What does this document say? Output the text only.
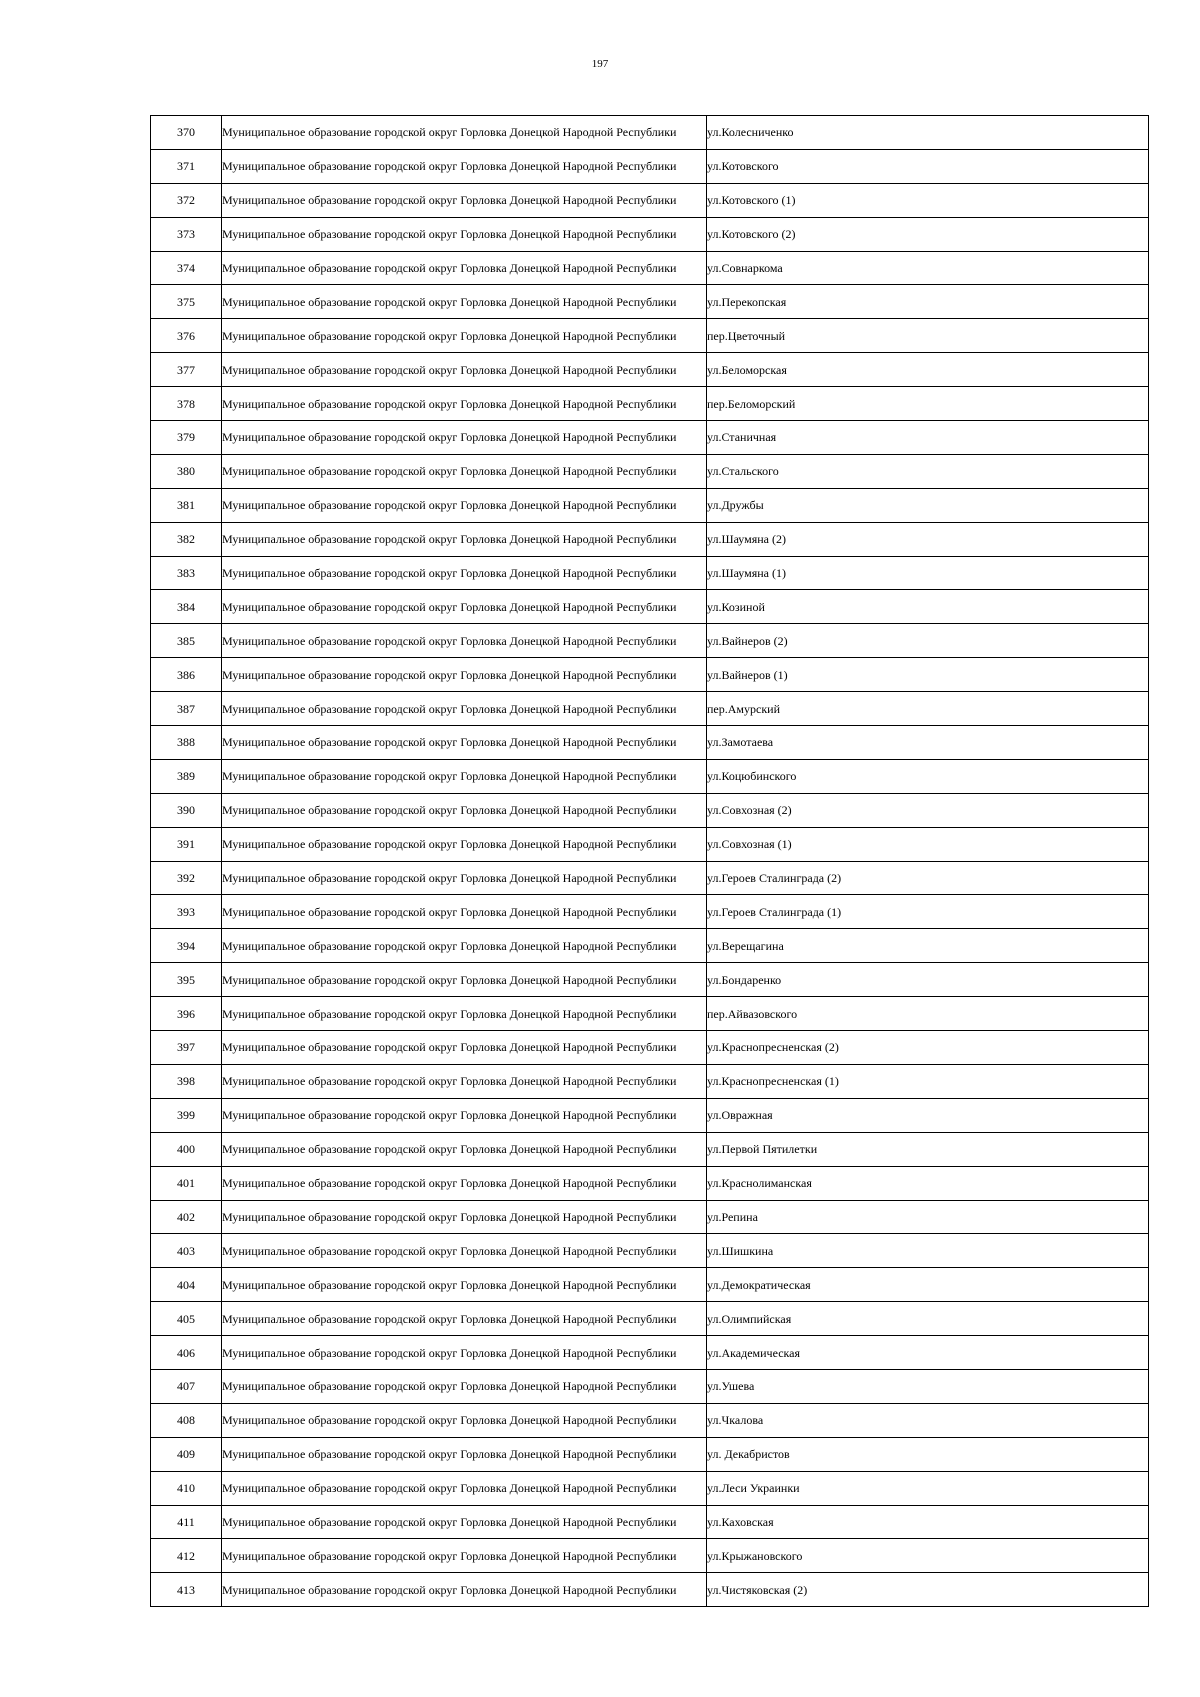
197
370	Муниципальное образование городской округ Горловка Донецкой Народной Республики	ул.Колесниченко
371	Муниципальное образование городской округ Горловка Донецкой Народной Республики	ул.Котовского
372	Муниципальное образование городской округ Горловка Донецкой Народной Республики	ул.Котовского (1)
373	Муниципальное образование городской округ Горловка Донецкой Народной Республики	ул.Котовского (2)
374	Муниципальное образование городской округ Горловка Донецкой Народной Республики	ул.Совнаркома
375	Муниципальное образование городской округ Горловка Донецкой Народной Республики	ул.Перекопская
376	Муниципальное образование городской округ Горловка Донецкой Народной Республики	пер.Цветочный
377	Муниципальное образование городской округ Горловка Донецкой Народной Республики	ул.Беломорская
378	Муниципальное образование городской округ Горловка Донецкой Народной Республики	пер.Беломорский
379	Муниципальное образование городской округ Горловка Донецкой Народной Республики	ул.Станичная
380	Муниципальное образование городской округ Горловка Донецкой Народной Республики	ул.Стальского
381	Муниципальное образование городской округ Горловка Донецкой Народной Республики	ул.Дружбы
382	Муниципальное образование городской округ Горловка Донецкой Народной Республики	ул.Шаумяна (2)
383	Муниципальное образование городской округ Горловка Донецкой Народной Республики	ул.Шаумяна (1)
384	Муниципальное образование городской округ Горловка Донецкой Народной Республики	ул.Козиной
385	Муниципальное образование городской округ Горловка Донецкой Народной Республики	ул.Вайнеров (2)
386	Муниципальное образование городской округ Горловка Донецкой Народной Республики	ул.Вайнеров (1)
387	Муниципальное образование городской округ Горловка Донецкой Народной Республики	пер.Амурский
388	Муниципальное образование городской округ Горловка Донецкой Народной Республики	ул.Замотаева
389	Муниципальное образование городской округ Горловка Донецкой Народной Республики	ул.Коцюбинского
390	Муниципальное образование городской округ Горловка Донецкой Народной Республики	ул.Совхозная (2)
391	Муниципальное образование городской округ Горловка Донецкой Народной Республики	ул.Совхозная (1)
392	Муниципальное образование городской округ Горловка Донецкой Народной Республики	ул.Героев Сталинграда (2)
393	Муниципальное образование городской округ Горловка Донецкой Народной Республики	ул.Героев Сталинграда (1)
394	Муниципальное образование городской округ Горловка Донецкой Народной Республики	ул.Верещагина
395	Муниципальное образование городской округ Горловка Донецкой Народной Республики	ул.Бондаренко
396	Муниципальное образование городской округ Горловка Донецкой Народной Республики	пер.Айвазовского
397	Муниципальное образование городской округ Горловка Донецкой Народной Республики	ул.Краснопресненская (2)
398	Муниципальное образование городской округ Горловка Донецкой Народной Республики	ул.Краснопресненская (1)
399	Муниципальное образование городской округ Горловка Донецкой Народной Республики	ул.Овражная
400	Муниципальное образование городской округ Горловка Донецкой Народной Республики	ул.Первой Пятилетки
401	Муниципальное образование городской округ Горловка Донецкой Народной Республики	ул.Краснолиманская
402	Муниципальное образование городской округ Горловка Донецкой Народной Республики	ул.Репина
403	Муниципальное образование городской округ Горловка Донецкой Народной Республики	ул.Шишкина
404	Муниципальное образование городской округ Горловка Донецкой Народной Республики	ул.Демократическая
405	Муниципальное образование городской округ Горловка Донецкой Народной Республики	ул.Олимпийская
406	Муниципальное образование городской округ Горловка Донецкой Народной Республики	ул.Академическая
407	Муниципальное образование городской округ Горловка Донецкой Народной Республики	ул.Ушева
408	Муниципальное образование городской округ Горловка Донецкой Народной Республики	ул.Чкалова
409	Муниципальное образование городской округ Горловка Донецкой Народной Республики	ул. Декабристов
410	Муниципальное образование городской округ Горловка Донецкой Народной Республики	ул.Леси Украинки
411	Муниципальное образование городской округ Горловка Донецкой Народной Республики	ул.Каховская
412	Муниципальное образование городской округ Горловка Донецкой Народной Республики	ул.Крыжановского
413	Муниципальное образование городской округ Горловка Донецкой Народной Республики	ул.Чистяковская (2)
